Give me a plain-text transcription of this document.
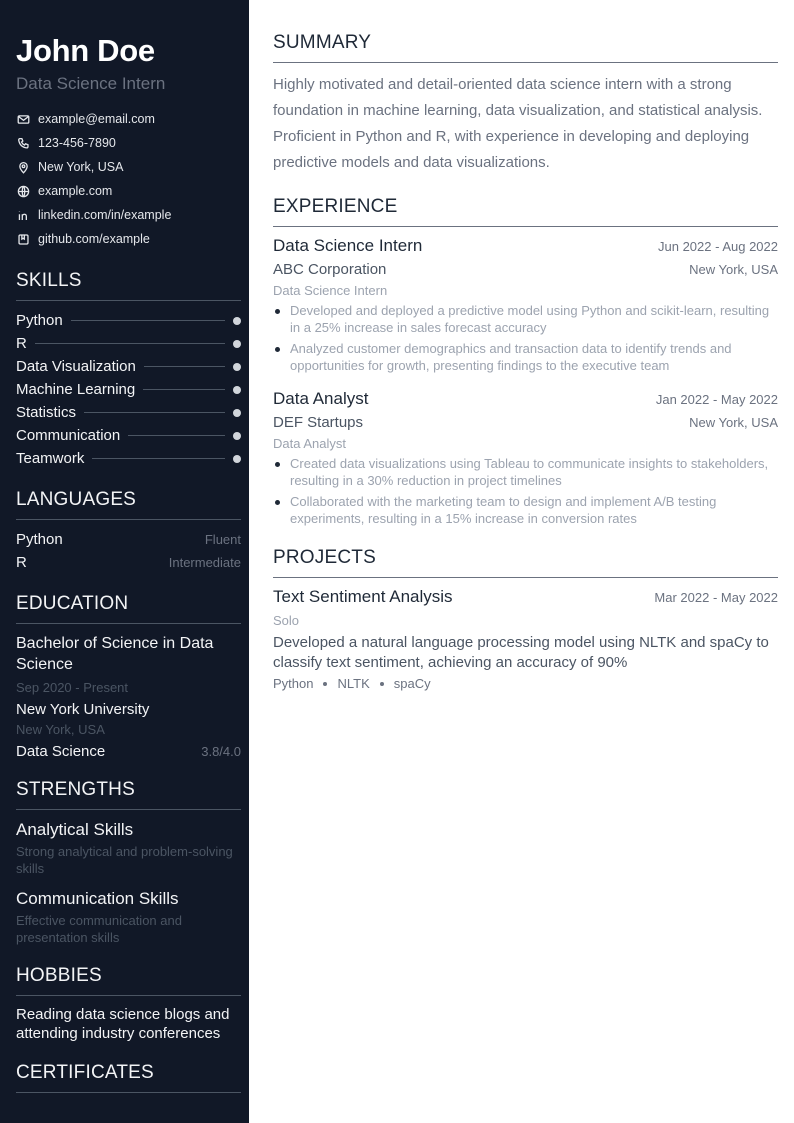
John Doe
Data Science Intern
example@email.com
123-456-7890
New York, USA
example.com
linkedin.com/in/example
github.com/example
SKILLS
Python
R
Data Visualization
Machine Learning
Statistics
Communication
Teamwork
LANGUAGES
Python	Fluent
R	Intermediate
EDUCATION
Bachelor of Science in Data Science
Sep 2020 - Present
New York University
New York, USA
Data Science	3.8/4.0
STRENGTHS
Analytical Skills
Strong analytical and problem-solving skills
Communication Skills
Effective communication and presentation skills
HOBBIES
Reading data science blogs and attending industry conferences
CERTIFICATES
SUMMARY
Highly motivated and detail-oriented data science intern with a strong foundation in machine learning, data visualization, and statistical analysis. Proficient in Python and R, with experience in developing and deploying predictive models and data visualizations.
EXPERIENCE
Data Science Intern	Jun 2022 - Aug 2022
ABC Corporation	New York, USA
Data Science Intern
Developed and deployed a predictive model using Python and scikit-learn, resulting in a 25% increase in sales forecast accuracy
Analyzed customer demographics and transaction data to identify trends and opportunities for growth, presenting findings to the executive team
Data Analyst	Jan 2022 - May 2022
DEF Startups	New York, USA
Data Analyst
Created data visualizations using Tableau to communicate insights to stakeholders, resulting in a 30% reduction in project timelines
Collaborated with the marketing team to design and implement A/B testing experiments, resulting in a 15% increase in conversion rates
PROJECTS
Text Sentiment Analysis	Mar 2022 - May 2022
Solo
Developed a natural language processing model using NLTK and spaCy to classify text sentiment, achieving an accuracy of 90%
Python NLTK spaCy
